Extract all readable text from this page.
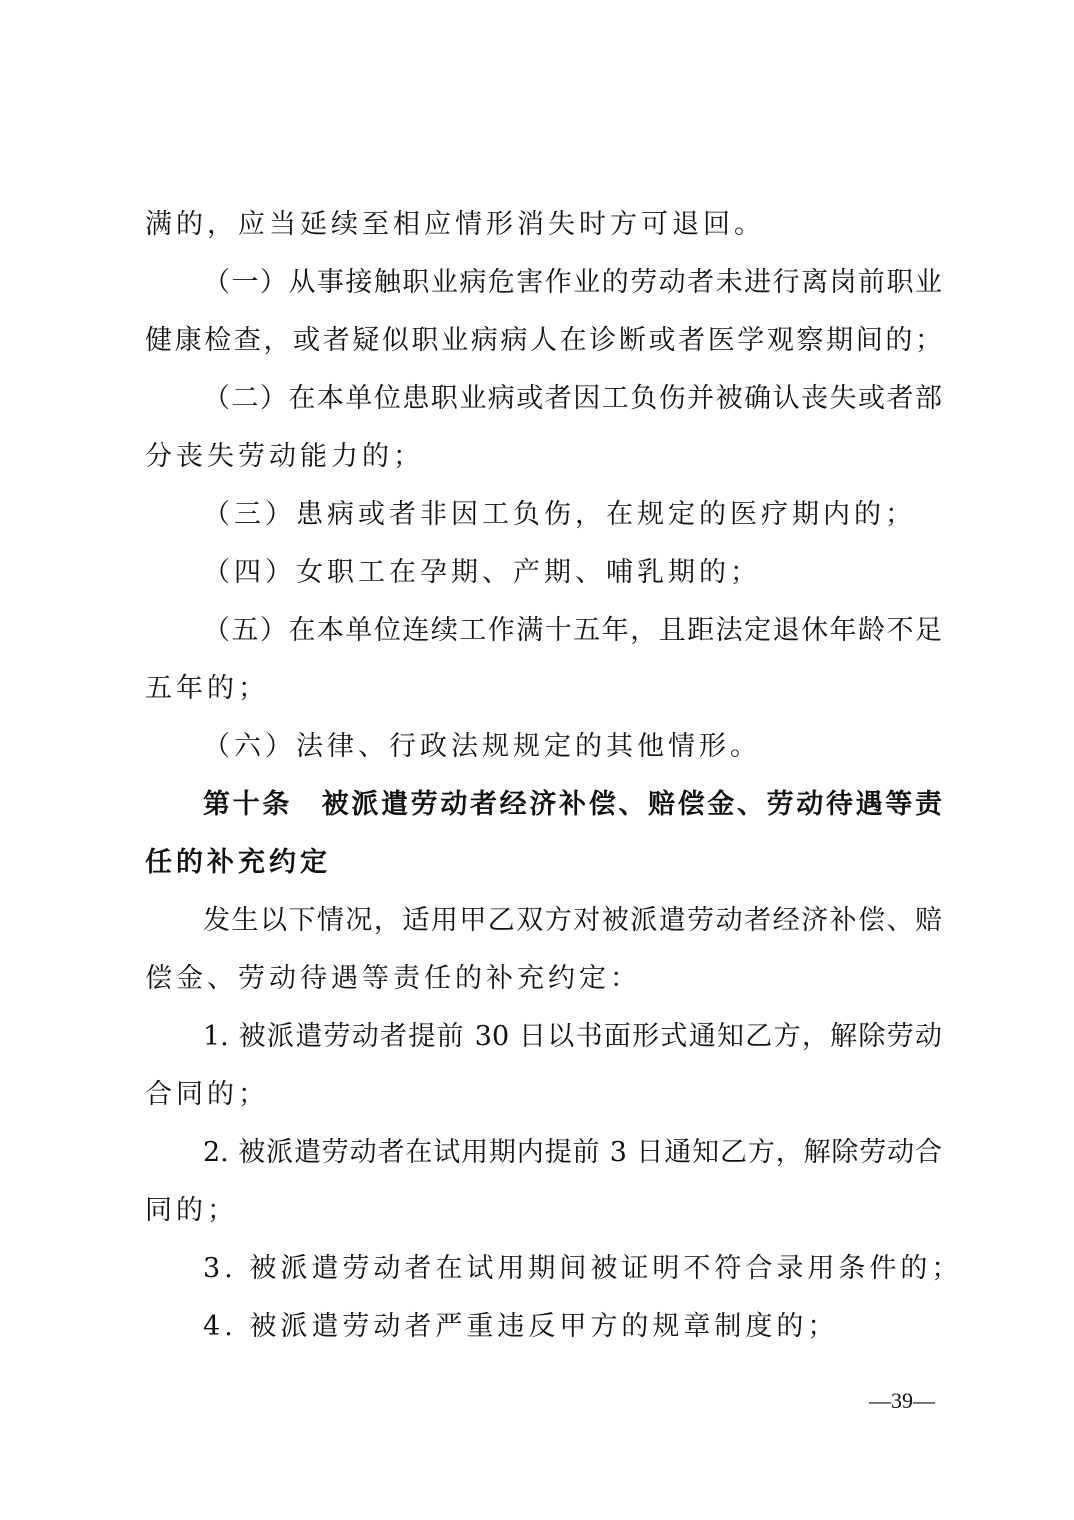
满的，应当延续至相应情形消失时方可退回。
（一）从事接触职业病危害作业的劳动者未进行离岗前职业
健康检查，或者疑似职业病病人在诊断或者医学观察期间的；
（二）在本单位患职业病或者因工负伤并被确认丧失或者部
分丧失劳动能力的；
（三）患病或者非因工负伤，在规定的医疗期内的；
（四）女职工在孕期、产期、哺乳期的；
（五）在本单位连续工作满十五年，且距法定退休年龄不足
五年的；
（六）法律、行政法规规定的其他情形。
第十条　被派遣劳动者经济补偿、赔偿金、劳动待遇等责
任的补充约定
发生以下情况，适用甲乙双方对被派遣劳动者经济补偿、赔
偿金、劳动待遇等责任的补充约定：
1. 被派遣劳动者提前 30 日以书面形式通知乙方，解除劳动
合同的；
2. 被派遣劳动者在试用期内提前 3 日通知乙方，解除劳动合
同的；
3. 被派遣劳动者在试用期间被证明不符合录用条件的；
4. 被派遣劳动者严重违反甲方的规章制度的；
—39—
